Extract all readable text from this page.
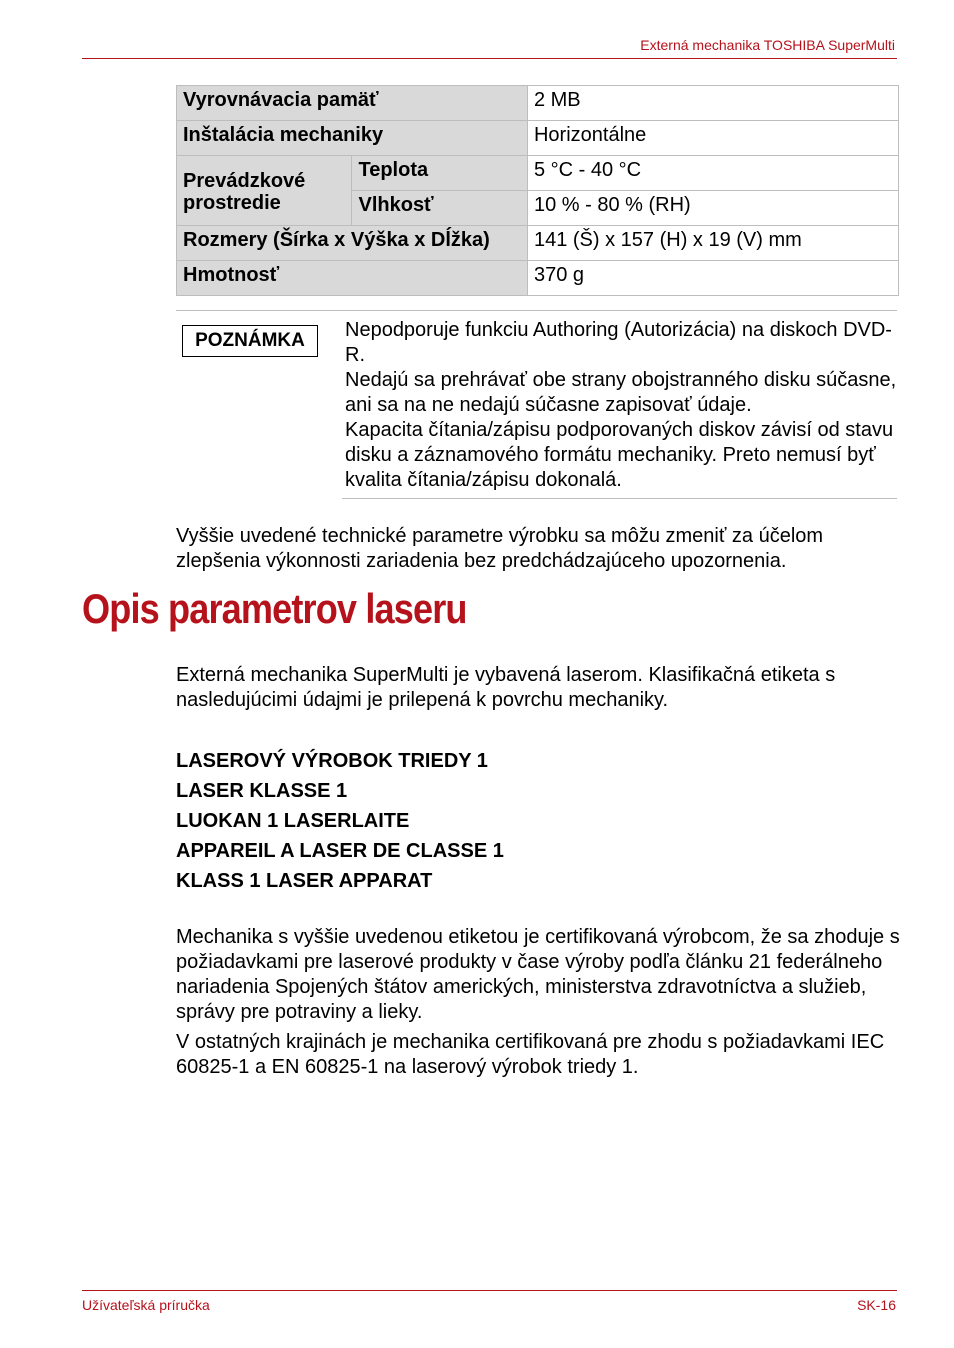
Externá mechanika TOSHIBA SuperMulti
Vyrovnávacia pamäť		2 MB
Inštalácia mechaniky		Horizontálne
Prevádzkové prostredie	Teplota	5 °C - 40 °C
	Vlhkosť	10 % - 80 % (RH)
Rozmery (Šírka x Výška x Dĺžka)		141 (Š) x 157 (H) x 19 (V) mm
Hmotnosť		370 g
POZNÁMKA	Nepodporuje funkciu Authoring (Autorizácia) na diskoch DVD-R.

Nedajú sa prehrávať obe strany obojstranného disku súčasne, ani sa na ne nedajú súčasne zapisovať údaje.

Kapacita čítania/zápisu podporovaných diskov závisí od stavu disku a záznamového formátu mechaniky. Preto nemusí byť kvalita čítania/zápisu dokonalá.

Vyššie uvedené technické parametre výrobku sa môžu zmeniť za účelom zlepšenia výkonnosti zariadenia bez predchádzajúceho upozornenia.

Opis parametrov laseru

Externá mechanika SuperMulti je vybavená laserom. Klasifikačná etiketa s nasledujúcimi údajmi je prilepená k povrchu mechaniky.

LASEROVÝ VÝROBOK TRIEDY 1
LASER KLASSE 1
LUOKAN 1 LASERLAITE
APPAREIL A LASER DE CLASSE 1
KLASS 1 LASER APPARAT

Mechanika s vyššie uvedenou etiketou je certifikovaná výrobcom, že sa zhoduje s požiadavkami pre laserové produkty v čase výroby podľa článku 21 federálneho nariadenia Spojených štátov amerických, ministerstva zdravotníctva a služieb, správy pre potraviny a lieky.

V ostatných krajinách je mechanika certifikovaná pre zhodu s požiadavkami IEC 60825-1 a EN 60825-1 na laserový výrobok triedy 1.

Užívateľská príručka	SK-16
